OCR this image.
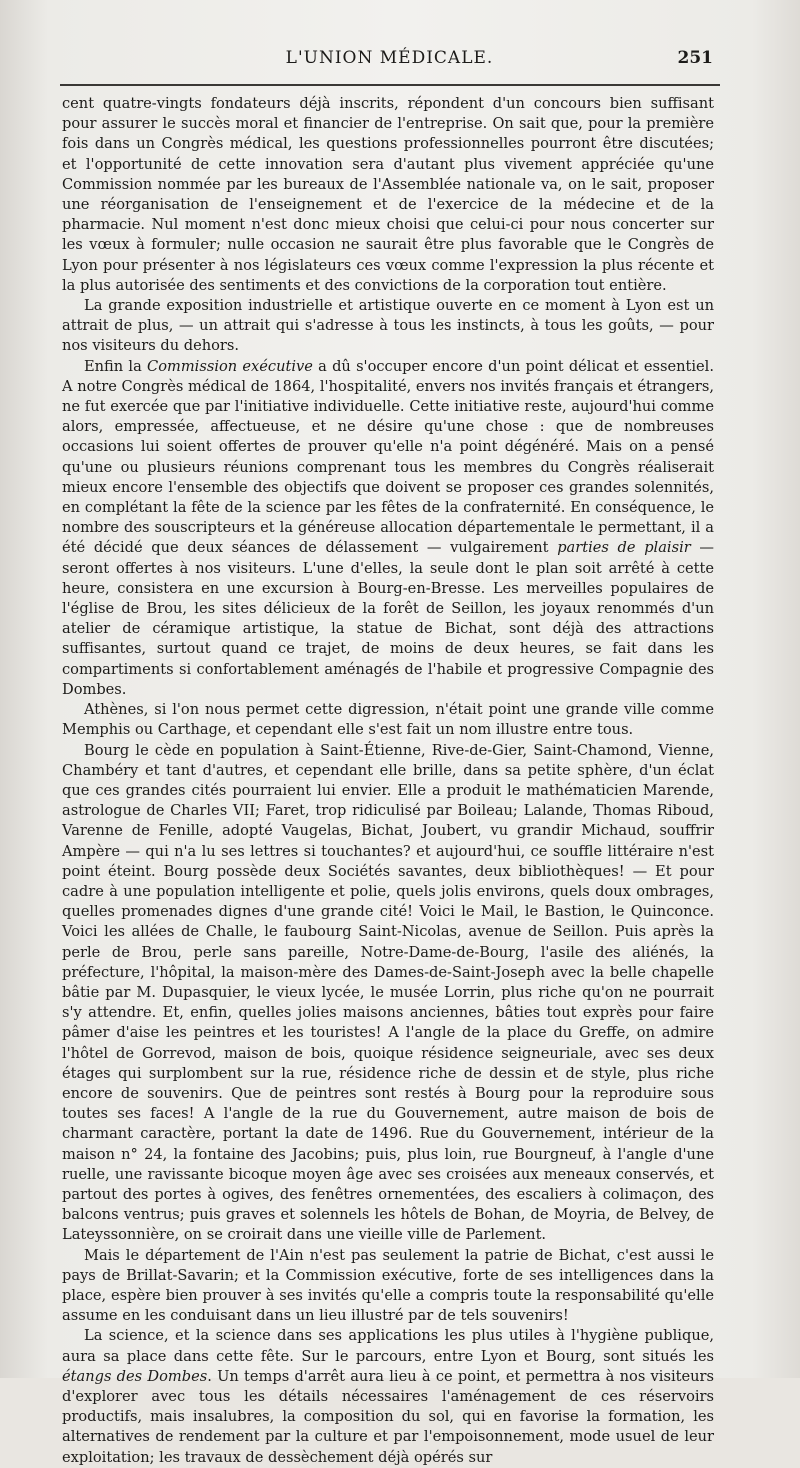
L'UNION MÉDICALE.	251

cent quatre-vingts fondateurs déjà inscrits, répondent d'un concours bien suffisant pour assurer le succès moral et financier de l'entreprise. On sait que, pour la première fois dans un Congrès médical, les questions professionnelles pourront être discutées; et l'opportunité de cette innovation sera d'autant plus vivement appréciée qu'une Commission nommée par les bureaux de l'Assemblée nationale va, on le sait, proposer une réorganisation de l'enseignement et de l'exercice de la médecine et de la pharmacie. Nul moment n'est donc mieux choisi que celui-ci pour nous concerter sur les vœux à formuler; nulle occasion ne saurait être plus favorable que le Congrès de Lyon pour présenter à nos législateurs ces vœux comme l'expression la plus récente et la plus autorisée des sentiments et des convictions de la corporation tout entière.

La grande exposition industrielle et artistique ouverte en ce moment à Lyon est un attrait de plus, — un attrait qui s'adresse à tous les instincts, à tous les goûts, — pour nos visiteurs du dehors.

Enfin la Commission exécutive a dû s'occuper encore d'un point délicat et essentiel. A notre Congrès médical de 1864, l'hospitalité, envers nos invités français et étrangers, ne fut exercée que par l'initiative individuelle. Cette initiative reste, aujourd'hui comme alors, empressée, affectueuse, et ne désire qu'une chose : que de nombreuses occasions lui soient offertes de prouver qu'elle n'a point dégénéré. Mais on a pensé qu'une ou plusieurs réunions comprenant tous les membres du Congrès réaliserait mieux encore l'ensemble des objectifs que doivent se proposer ces grandes solennités, en complétant la fête de la science par les fêtes de la confraternité. En conséquence, le nombre des souscripteurs et la généreuse allocation départementale le permettant, il a été décidé que deux séances de délassement — vulgairement parties de plaisir — seront offertes à nos visiteurs. L'une d'elles, la seule dont le plan soit arrêté à cette heure, consistera en une excursion à Bourg-en-Bresse. Les merveilles populaires de l'église de Brou, les sites délicieux de la forêt de Seillon, les joyaux renommés d'un atelier de céramique artistique, la statue de Bichat, sont déjà des attractions suffisantes, surtout quand ce trajet, de moins de deux heures, se fait dans les compartiments si confortablement aménagés de l'habile et progressive Compagnie des Dombes.

Athènes, si l'on nous permet cette digression, n'était point une grande ville comme Memphis ou Carthage, et cependant elle s'est fait un nom illustre entre tous.

Bourg le cède en population à Saint-Étienne, Rive-de-Gier, Saint-Chamond, Vienne, Chambéry et tant d'autres, et cependant elle brille, dans sa petite sphère, d'un éclat que ces grandes cités pourraient lui envier. Elle a produit le mathématicien Marende, astrologue de Charles VII; Faret, trop ridiculisé par Boileau; Lalande, Thomas Riboud, Varenne de Fenille, adopté Vaugelas, Bichat, Joubert, vu grandir Michaud, souffrir Ampère — qui n'a lu ses lettres si touchantes? et aujourd'hui, ce souffle littéraire n'est point éteint. Bourg possède deux Sociétés savantes, deux bibliothèques! — Et pour cadre à une population intelligente et polie, quels jolis environs, quels doux ombrages, quelles promenades dignes d'une grande cité! Voici le Mail, le Bastion, le Quinconce. Voici les allées de Challe, le faubourg Saint-Nicolas, avenue de Seillon. Puis après la perle de Brou, perle sans pareille, Notre-Dame-de-Bourg, l'asile des aliénés, la préfecture, l'hôpital, la maison-mère des Dames-de-Saint-Joseph avec la belle chapelle bâtie par M. Dupasquier, le vieux lycée, le musée Lorrin, plus riche qu'on ne pourrait s'y attendre. Et, enfin, quelles jolies maisons anciennes, bâties tout exprès pour faire pâmer d'aise les peintres et les touristes! A l'angle de la place du Greffe, on admire l'hôtel de Gorrevod, maison de bois, quoique résidence seigneuriale, avec ses deux étages qui surplombent sur la rue, résidence riche de dessin et de style, plus riche encore de souvenirs. Que de peintres sont restés à Bourg pour la reproduire sous toutes ses faces! A l'angle de la rue du Gouvernement, autre maison de bois de charmant caractère, portant la date de 1496. Rue du Gouvernement, intérieur de la maison n° 24, la fontaine des Jacobins; puis, plus loin, rue Bourgneuf, à l'angle d'une ruelle, une ravissante bicoque moyen âge avec ses croisées aux meneaux conservés, et partout des portes à ogives, des fenêtres ornementées, des escaliers à colimaçon, des balcons ventrus; puis graves et solennels les hôtels de Bohan, de Moyria, de Belvey, de Lateyssonnière, on se croirait dans une vieille ville de Parlement.

Mais le département de l'Ain n'est pas seulement la patrie de Bichat, c'est aussi le pays de Brillat-Savarin; et la Commission exécutive, forte de ses intelligences dans la place, espère bien prouver à ses invités qu'elle a compris toute la responsabilité qu'elle assume en les conduisant dans un lieu illustré par de tels souvenirs!

La science, et la science dans ses applications les plus utiles à l'hygiène publique, aura sa place dans cette fête. Sur le parcours, entre Lyon et Bourg, sont situés les étangs des Dombes. Un temps d'arrêt aura lieu à ce point, et permettra à nos visiteurs d'explorer avec tous les détails nécessaires l'aménagement de ces réservoirs productifs, mais insalubres, la composition du sol, qui en favorise la formation, les alternatives de rendement par la culture et par l'empoisonnement, mode usuel de leur exploitation; les travaux de dessèchement déjà opérés sur
